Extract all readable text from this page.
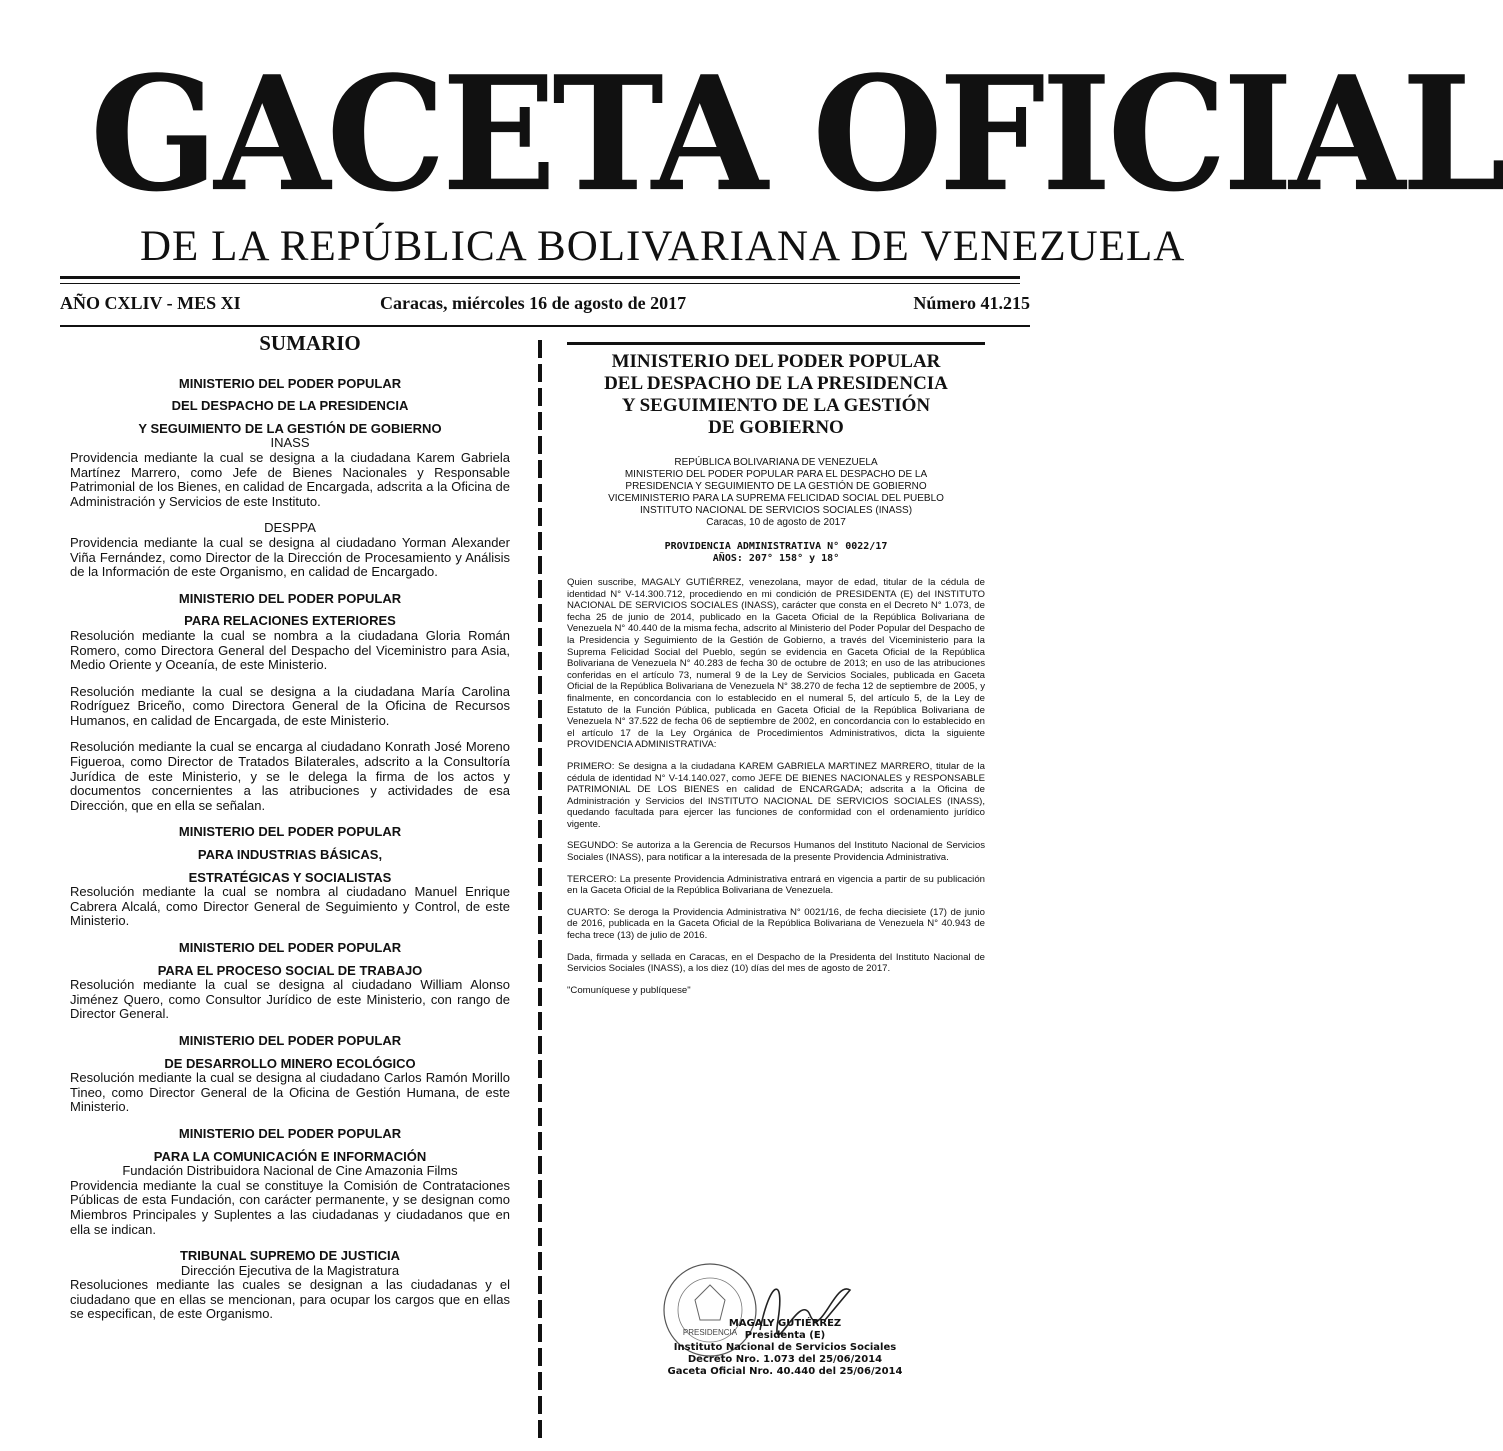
GACETA OFICIAL
DE LA REPÚBLICA BOLIVARIANA DE VENEZUELA
AÑO CXLIV - MES XI	Caracas, miércoles 16 de agosto de 2017	Número 41.215
SUMARIO
MINISTERIO DEL PODER POPULAR
DEL DESPACHO DE LA PRESIDENCIA
Y SEGUIMIENTO DE LA GESTIÓN DE GOBIERNO
INASS
Providencia mediante la cual se designa a la ciudadana Karem Gabriela Martínez Marrero, como Jefe de Bienes Nacionales y Responsable Patrimonial de los Bienes, en calidad de Encargada, adscrita a la Oficina de Administración y Servicios de este Instituto.
DESPPA
Providencia mediante la cual se designa al ciudadano Yorman Alexander Viña Fernández, como Director de la Dirección de Procesamiento y Análisis de la Información de este Organismo, en calidad de Encargado.
MINISTERIO DEL PODER POPULAR
PARA RELACIONES EXTERIORES
Resolución mediante la cual se nombra a la ciudadana Gloria Román Romero, como Directora General del Despacho del Viceministro para Asia, Medio Oriente y Oceanía, de este Ministerio.
Resolución mediante la cual se designa a la ciudadana María Carolina Rodríguez Briceño, como Directora General de la Oficina de Recursos Humanos, en calidad de Encargada, de este Ministerio.
Resolución mediante la cual se encarga al ciudadano Konrath José Moreno Figueroa, como Director de Tratados Bilaterales, adscrito a la Consultoría Jurídica de este Ministerio, y se le delega la firma de los actos y documentos concernientes a las atribuciones y actividades de esa Dirección, que en ella se señalan.
MINISTERIO DEL PODER POPULAR
PARA INDUSTRIAS BÁSICAS,
ESTRATÉGICAS Y SOCIALISTAS
Resolución mediante la cual se nombra al ciudadano Manuel Enrique Cabrera Alcalá, como Director General de Seguimiento y Control, de este Ministerio.
MINISTERIO DEL PODER POPULAR
PARA EL PROCESO SOCIAL DE TRABAJO
Resolución mediante la cual se designa al ciudadano William Alonso Jiménez Quero, como Consultor Jurídico de este Ministerio, con rango de Director General.
MINISTERIO DEL PODER POPULAR
DE DESARROLLO MINERO ECOLÓGICO
Resolución mediante la cual se designa al ciudadano Carlos Ramón Morillo Tineo, como Director General de la Oficina de Gestión Humana, de este Ministerio.
MINISTERIO DEL PODER POPULAR
PARA LA COMUNICACIÓN E INFORMACIÓN
Fundación Distribuidora Nacional de Cine Amazonia Films
Providencia mediante la cual se constituye la Comisión de Contrataciones Públicas de esta Fundación, con carácter permanente, y se designan como Miembros Principales y Suplentes a las ciudadanas y ciudadanos que en ella se indican.
TRIBUNAL SUPREMO DE JUSTICIA
Dirección Ejecutiva de la Magistratura
Resoluciones mediante las cuales se designan a las ciudadanas y el ciudadano que en ellas se mencionan, para ocupar los cargos que en ellas se especifican, de este Organismo.
MINISTERIO DEL PODER POPULAR
DEL DESPACHO DE LA PRESIDENCIA
Y SEGUIMIENTO DE LA GESTIÓN
DE GOBIERNO
REPÚBLICA BOLIVARIANA DE VENEZUELA
MINISTERIO DEL PODER POPULAR PARA EL DESPACHO DE LA
PRESIDENCIA Y SEGUIMIENTO DE LA GESTIÓN DE GOBIERNO
VICEMINISTERIO PARA LA SUPREMA FELICIDAD SOCIAL DEL PUEBLO
INSTITUTO NACIONAL DE SERVICIOS SOCIALES (INASS)
Caracas, 10 de agosto de 2017
PROVIDENCIA ADMINISTRATIVA N° 0022/17
AÑOS: 207° 158° y 18°

Quien suscribe, MAGALY GUTIÉRREZ, venezolana, mayor de edad, titular de la cédula de identidad N° V-14.300.712, procediendo en mi condición de PRESIDENTA (E) del INSTITUTO NACIONAL DE SERVICIOS SOCIALES (INASS), carácter que consta en el Decreto N° 1.073, de fecha 25 de junio de 2014, publicado en la Gaceta Oficial de la República Bolivariana de Venezuela N° 40.440 de la misma fecha, adscrito al Ministerio del Poder Popular del Despacho de la Presidencia y Seguimiento de la Gestión de Gobierno, a través del Viceministerio para la Suprema Felicidad Social del Pueblo, según se evidencia en Gaceta Oficial de la República Bolivariana de Venezuela N° 40.283 de fecha 30 de octubre de 2013; en uso de las atribuciones conferidas en el artículo 73, numeral 9 de la Ley de Servicios Sociales, publicada en Gaceta Oficial de la República Bolivariana de Venezuela N° 38.270 de fecha 12 de septiembre de 2005, y finalmente, en concordancia con lo establecido en el numeral 5, del artículo 5, de la Ley de Estatuto de la Función Pública, publicada en Gaceta Oficial de la República Bolivariana de Venezuela N° 37.522 de fecha 06 de septiembre de 2002, en concordancia con lo establecido en el artículo 17 de la Ley Orgánica de Procedimientos Administrativos, dicta la siguiente PROVIDENCIA ADMINISTRATIVA:

PRIMERO: Se designa a la ciudadana KAREM GABRIELA MARTINEZ MARRERO, titular de la cédula de identidad N° V-14.140.027, como JEFE DE BIENES NACIONALES y RESPONSABLE PATRIMONIAL DE LOS BIENES en calidad de ENCARGADA; adscrita a la Oficina de Administración y Servicios del INSTITUTO NACIONAL DE SERVICIOS SOCIALES (INASS), quedando facultada para ejercer las funciones de conformidad con el ordenamiento jurídico vigente.

SEGUNDO: Se autoriza a la Gerencia de Recursos Humanos del Instituto Nacional de Servicios Sociales (INASS), para notificar a la interesada de la presente Providencia Administrativa.

TERCERO: La presente Providencia Administrativa entrará en vigencia a partir de su publicación en la Gaceta Oficial de la República Bolivariana de Venezuela.

CUARTO: Se deroga la Providencia Administrativa N° 0021/16, de fecha diecisiete (17) de junio de 2016, publicada en la Gaceta Oficial de la República Bolivariana de Venezuela N° 40.943 de fecha trece (13) de julio de 2016.

Dada, firmada y sellada en Caracas, en el Despacho de la Presidenta del Instituto Nacional de Servicios Sociales (INASS), a los diez (10) días del mes de agosto de 2017.

"Comuníquese y publíquese"

PRESIDENCIA
MAGALY GUTIÉRREZ
Presidenta (E)
Instituto Nacional de Servicios Sociales
Decreto Nro. 1.073 del 25/06/2014
Gaceta Oficial Nro. 40.440 del 25/06/2014
